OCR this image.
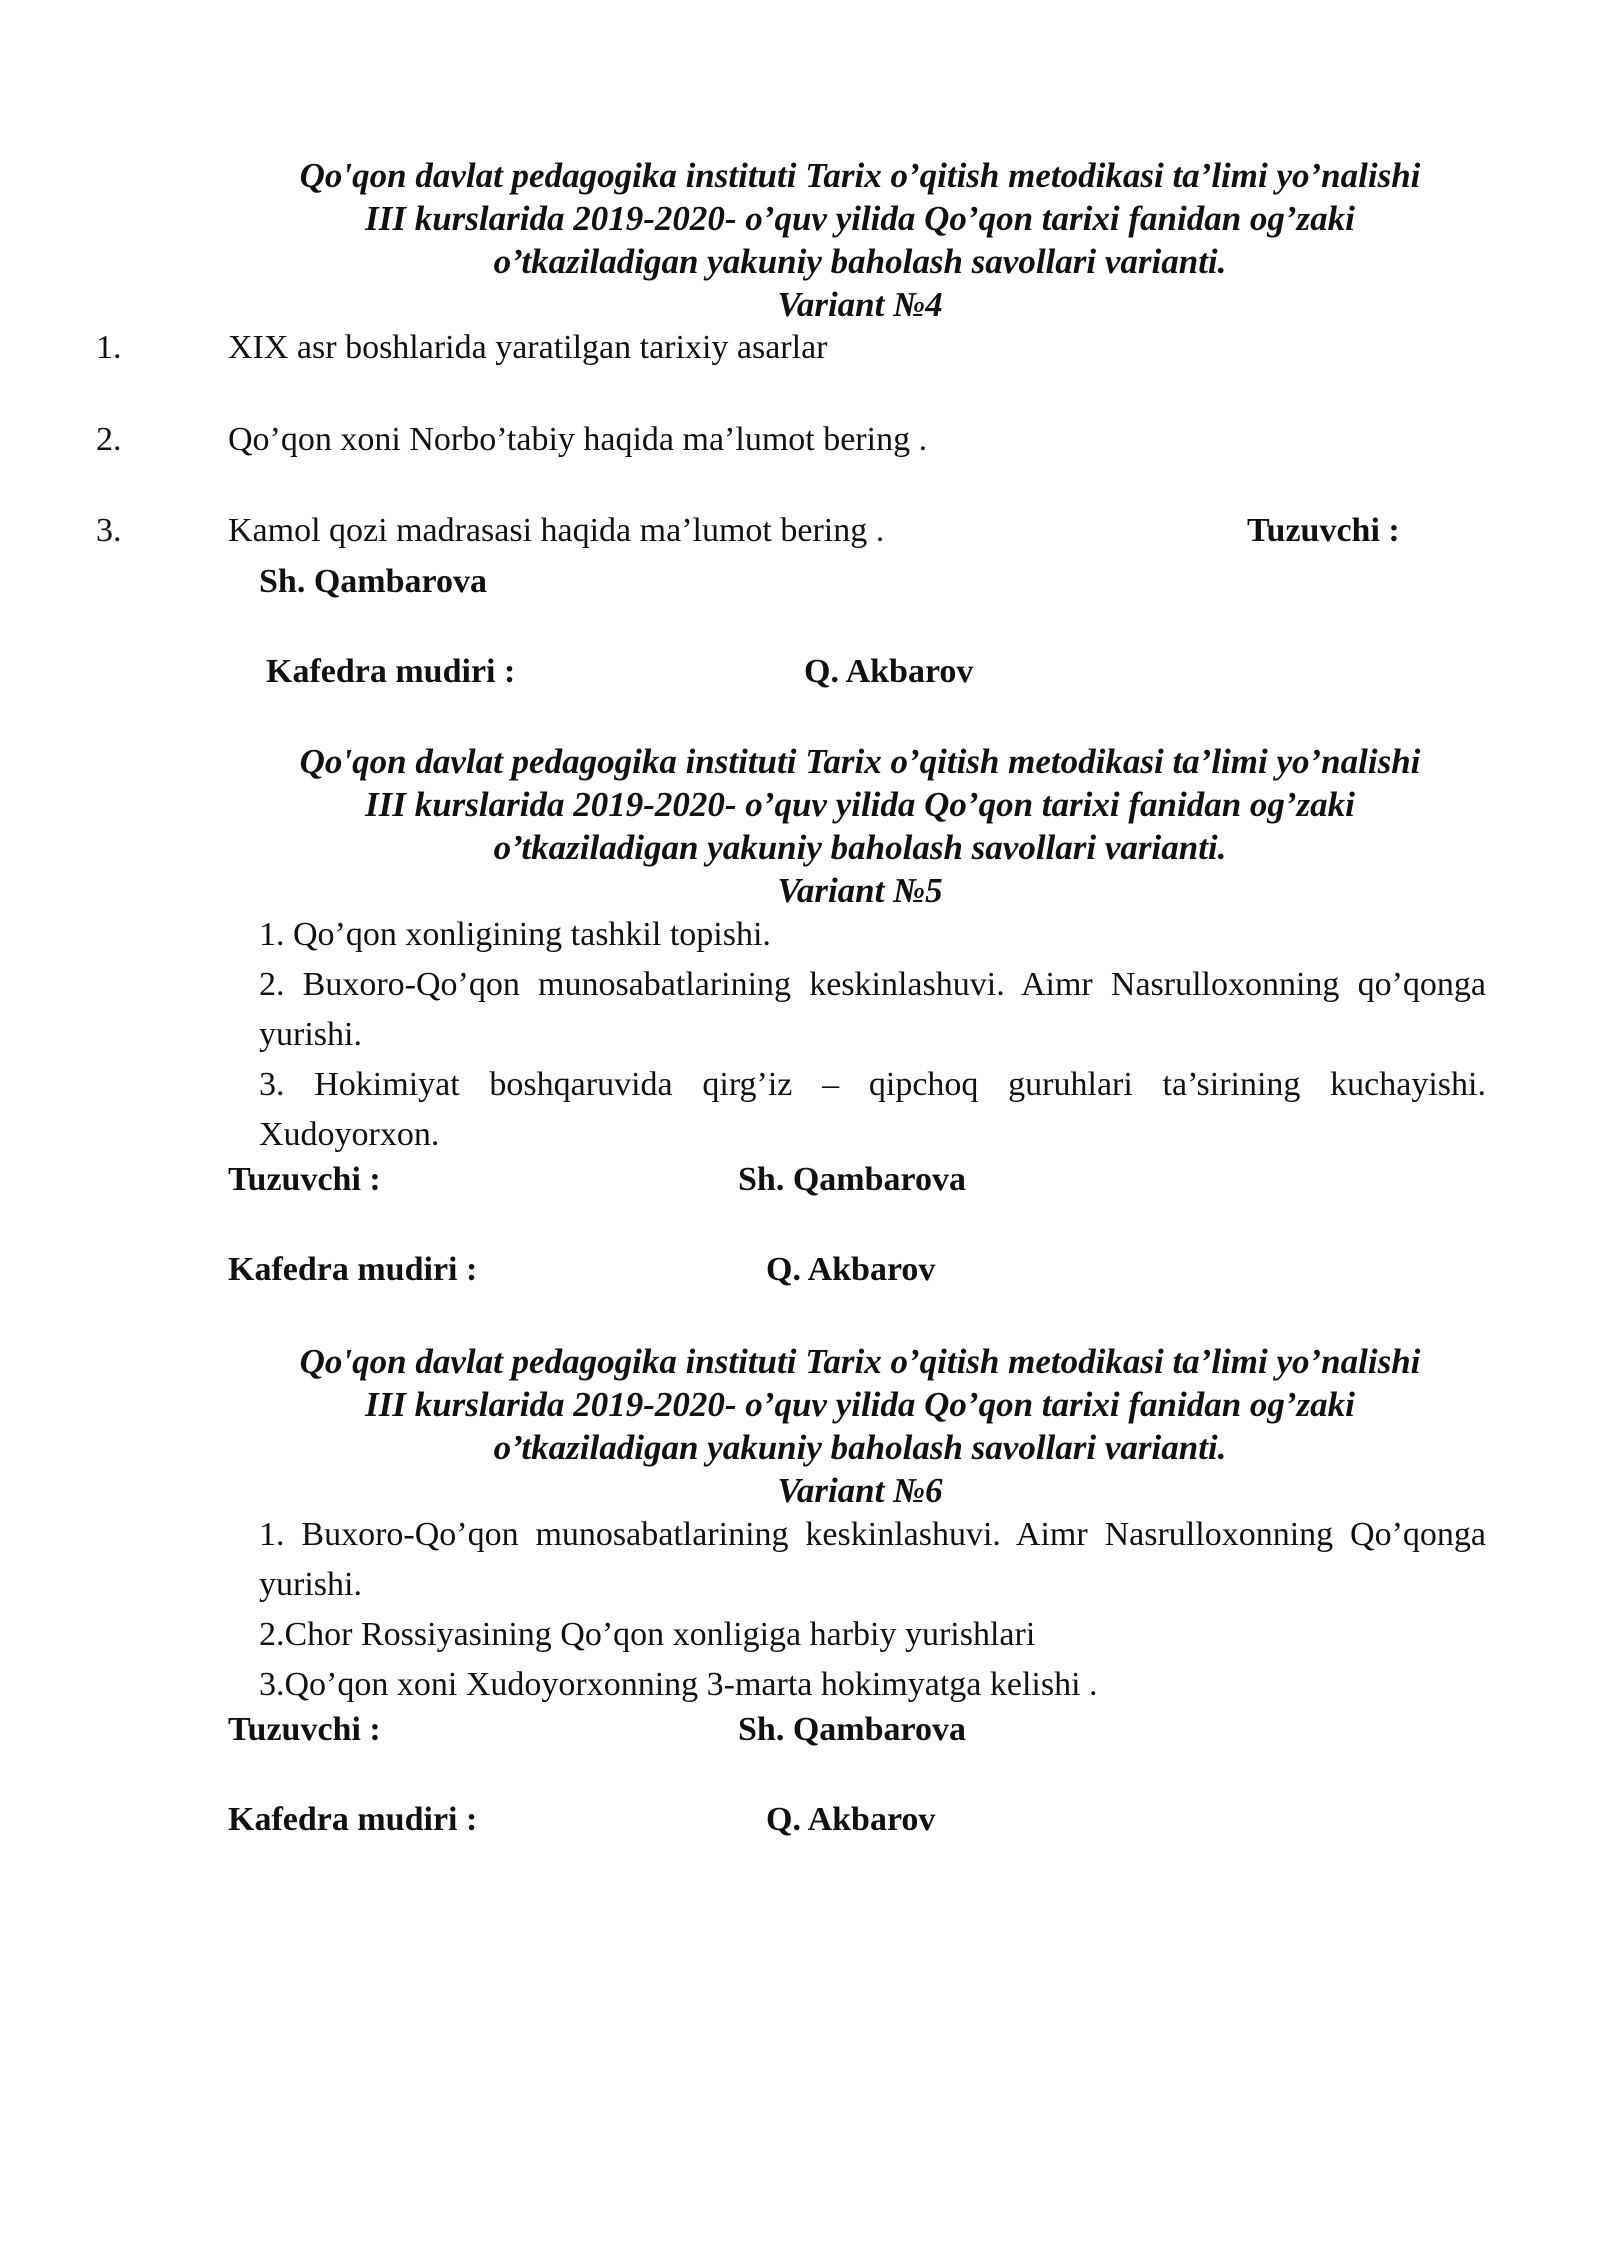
Qo'qon davlat pedagogika instituti Tarix o’qitish metodikasi ta’limi yo’nalishi
III kurslarida 2019-2020- o’quv yilida Qo’qon tarixi fanidan og’zaki
o’tkaziladigan yakuniy baholash savollari varianti.
Variant №4
1.	XIX asr boshlarida yaratilgan tarixiy asarlar
2.	Qo’qon xoni Norbo’tabiy haqida ma’lumot bering .
3.	Kamol qozi madrasasi haqida ma’lumot bering .	Tuzuvchi :
Sh. Qambarova
Kafedra mudiri :	Q. Akbarov
Qo'qon davlat pedagogika instituti Tarix o’qitish metodikasi ta’limi yo’nalishi
III kurslarida 2019-2020- o’quv yilida Qo’qon tarixi fanidan og’zaki
o’tkaziladigan yakuniy baholash savollari varianti.
Variant №5

1. Qo’qon xonligining tashkil topishi.

2. Buxoro-Qo’qon munosabatlarining keskinlashuvi. Aimr Nasrulloxonning qo’qonga yurishi.

3. Hokimiyat boshqaruvida qirg’iz – qipchoq guruhlari ta’sirining kuchayishi. Xudoyorxon.

Tuzuvchi :	Sh. Qambarova
Kafedra mudiri :	Q. Akbarov
Qo'qon davlat pedagogika instituti Tarix o’qitish metodikasi ta’limi yo’nalishi
III kurslarida 2019-2020- o’quv yilida Qo’qon tarixi fanidan og’zaki
o’tkaziladigan yakuniy baholash savollari varianti.
Variant №6

1. Buxoro-Qo’qon munosabatlarining keskinlashuvi. Aimr Nasrulloxonning Qo’qonga yurishi.

2.Chor Rossiyasining Qo’qon xonligiga harbiy yurishlari

3.Qo’qon xoni Xudoyorxonning 3-marta hokimyatga kelishi .

Tuzuvchi :	Sh. Qambarova
Kafedra mudiri :	Q. Akbarov
